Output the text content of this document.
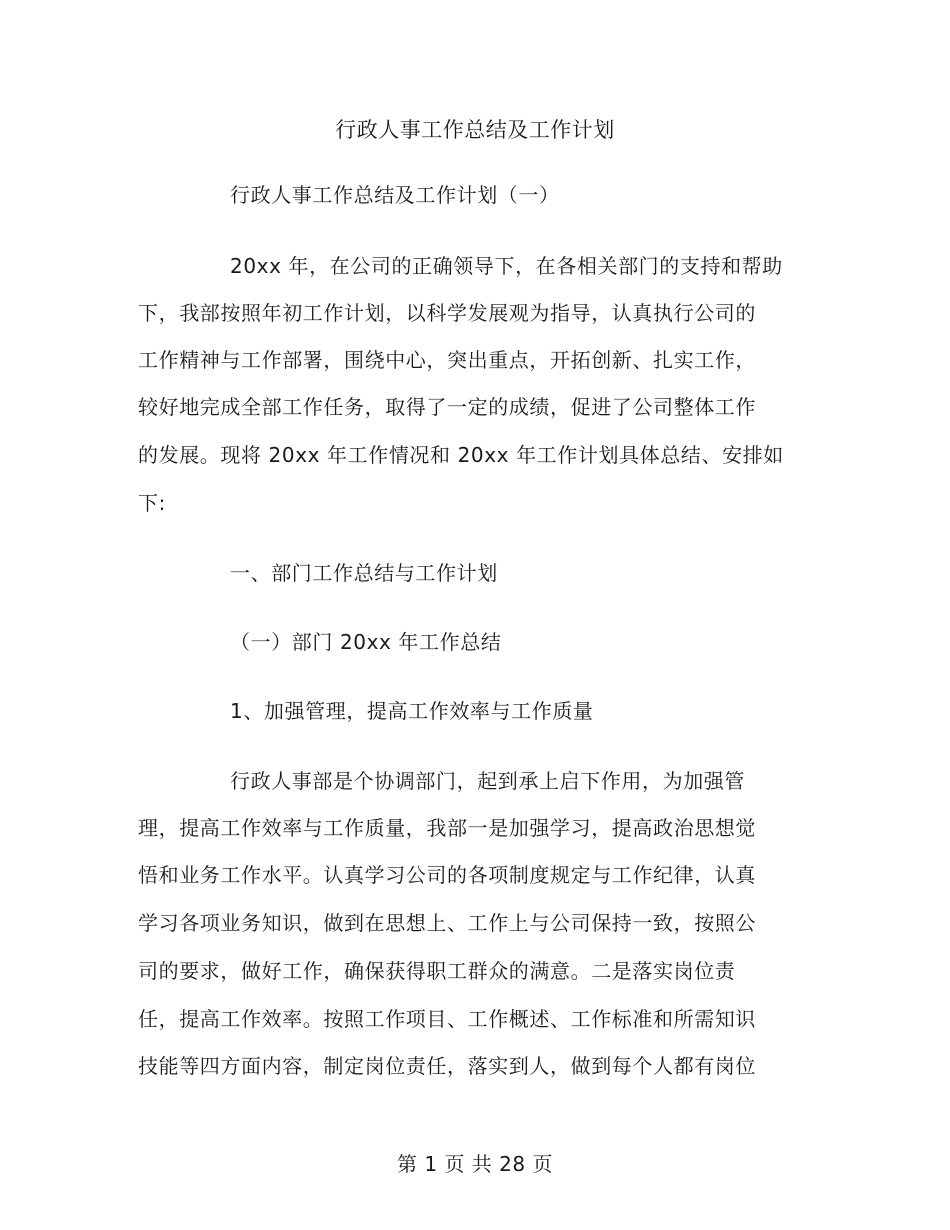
行政人事工作总结及工作计划
行政人事工作总结及工作计划（一）
20xx 年，在公司的正确领导下，在各相关部门的支持和帮助
下，我部按照年初工作计划，以科学发展观为指导，认真执行公司的
工作精神与工作部署，围绕中心，突出重点，开拓创新、扎实工作，
较好地完成全部工作任务，取得了一定的成绩，促进了公司整体工作
的发展。现将 20xx 年工作情况和 20xx 年工作计划具体总结、安排如
下:
一、部门工作总结与工作计划
（一）部门 20xx 年工作总结
1、加强管理，提高工作效率与工作质量
行政人事部是个协调部门，起到承上启下作用，为加强管
理，提高工作效率与工作质量，我部一是加强学习，提高政治思想觉
悟和业务工作水平。认真学习公司的各项制度规定与工作纪律，认真
学习各项业务知识，做到在思想上、工作上与公司保持一致，按照公
司的要求，做好工作，确保获得职工群众的满意。二是落实岗位责
任，提高工作效率。按照工作项目、工作概述、工作标准和所需知识
技能等四方面内容，制定岗位责任，落实到人，做到每个人都有岗位
第 1 页 共 28 页
